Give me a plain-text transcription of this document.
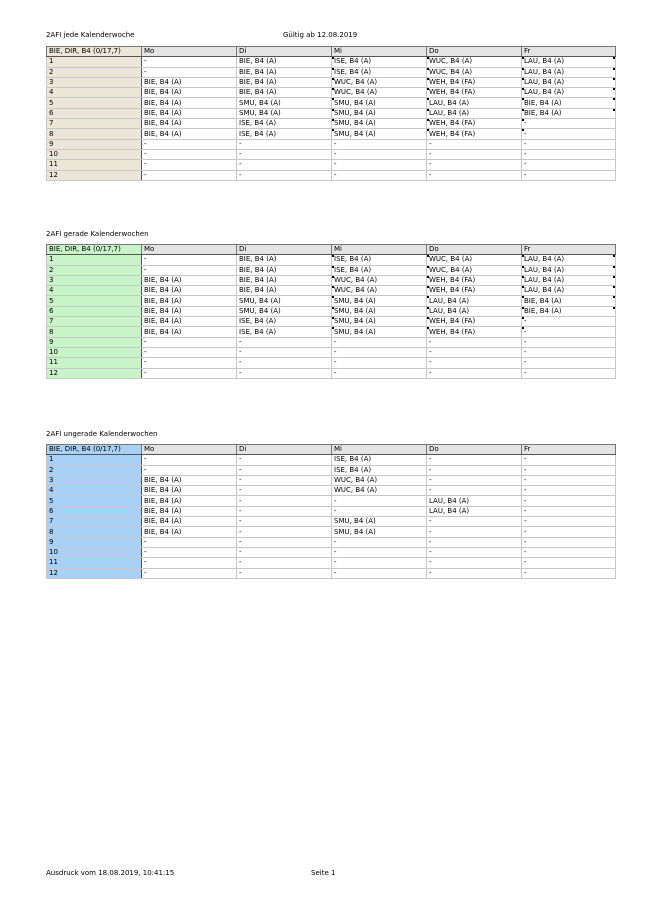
2AFI jede Kalenderwoche	Gültig ab 12.08.2019
BIE, DIR, B4 (0/17,7)	Mo	Di	Mi	Do	Fr
1	-	BIE, B4 (A)	ISE, B4 (A)	WUC, B4 (A)	LAU, B4 (A)
2	-	BIE, B4 (A)	ISE, B4 (A)	WUC, B4 (A)	LAU, B4 (A)
3	BIE, B4 (A)	BIE, B4 (A)	WUC, B4 (A)	WEH, B4 (FA)	LAU, B4 (A)
4	BIE, B4 (A)	BIE, B4 (A)	WUC, B4 (A)	WEH, B4 (FA)	LAU, B4 (A)
5	BIE, B4 (A)	SMU, B4 (A)	SMU, B4 (A)	LAU, B4 (A)	BIE, B4 (A)
6	BIE, B4 (A)	SMU, B4 (A)	SMU, B4 (A)	LAU, B4 (A)	BIE, B4 (A)
7	BIE, B4 (A)	ISE, B4 (A)	SMU, B4 (A)	WEH, B4 (FA)	-
8	BIE, B4 (A)	ISE, B4 (A)	SMU, B4 (A)	WEH, B4 (FA)	-
9	-	-	-	-	-
10	-	-	-	-	-
11	-	-	-	-	-
12	-	-	-	-	-
2AFI gerade Kalenderwochen
BIE, DIR, B4 (0/17,7)	Mo	Di	Mi	Do	Fr
1	-	BIE, B4 (A)	ISE, B4 (A)	WUC, B4 (A)	LAU, B4 (A)
2	-	BIE, B4 (A)	ISE, B4 (A)	WUC, B4 (A)	LAU, B4 (A)
3	BIE, B4 (A)	BIE, B4 (A)	WUC, B4 (A)	WEH, B4 (FA)	LAU, B4 (A)
4	BIE, B4 (A)	BIE, B4 (A)	WUC, B4 (A)	WEH, B4 (FA)	LAU, B4 (A)
5	BIE, B4 (A)	SMU, B4 (A)	SMU, B4 (A)	LAU, B4 (A)	BIE, B4 (A)
6	BIE, B4 (A)	SMU, B4 (A)	SMU, B4 (A)	LAU, B4 (A)	BIE, B4 (A)
7	BIE, B4 (A)	ISE, B4 (A)	SMU, B4 (A)	WEH, B4 (FA)	-
8	BIE, B4 (A)	ISE, B4 (A)	SMU, B4 (A)	WEH, B4 (FA)	-
9	-	-	-	-	-
10	-	-	-	-	-
11	-	-	-	-	-
12	-	-	-	-	-
2AFI ungerade Kalenderwochen
BIE, DIR, B4 (0/17,7)	Mo	Di	Mi	Do	Fr
1	-	-	ISE, B4 (A)	-	-
2	-	-	ISE, B4 (A)	-	-
3	BIE, B4 (A)	-	WUC, B4 (A)	-	-
4	BIE, B4 (A)	-	WUC, B4 (A)	-	-
5	BIE, B4 (A)	-	-	LAU, B4 (A)	-
6	BIE, B4 (A)	-	-	LAU, B4 (A)	-
7	BIE, B4 (A)	-	SMU, B4 (A)	-	-
8	BIE, B4 (A)	-	SMU, B4 (A)	-	-
9	-	-	-	-	-
10	-	-	-	-	-
11	-	-	-	-	-
12	-	-	-	-	-
Ausdruck vom 18.08.2019, 10:41:15	Seite 1
